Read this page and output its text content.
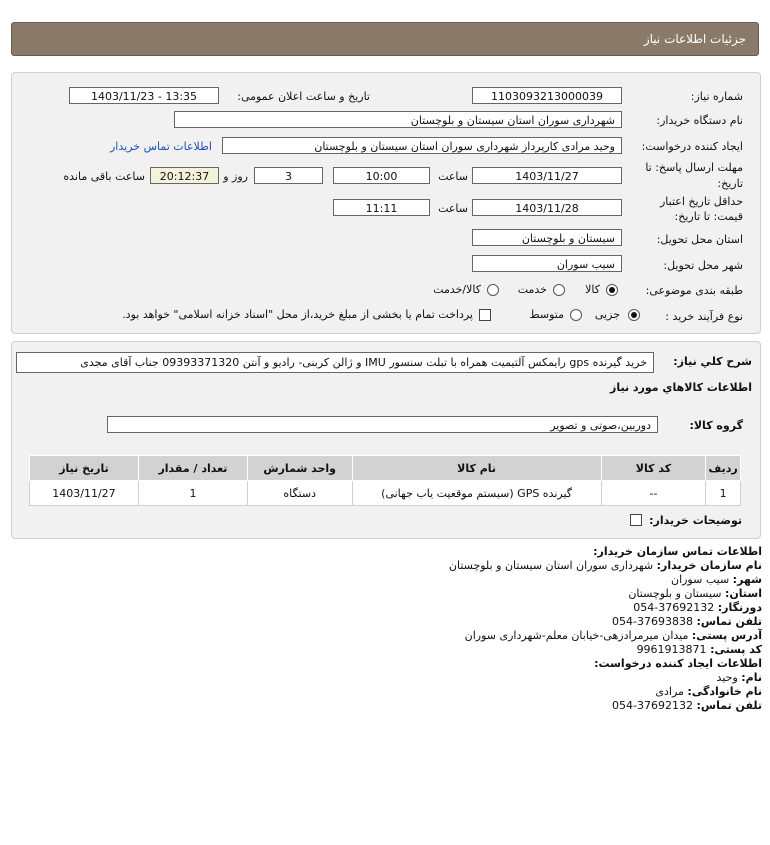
جزئیات اطلاعات نیاز
شماره نیاز:
1103093213000039
تاریخ و ساعت اعلان عمومی:
1403/11/23 - 13:35
نام دستگاه خریدار:
شهرداری سوران استان سیستان و بلوچستان
ایجاد کننده درخواست:
وحید مرادی کارپرداز شهرداری سوران استان سیستان و بلوچستان
اطلاعات تماس خریدار
مهلت ارسال پاسخ: تا
تاریخ:
1403/11/27
ساعت
10:00
3
روز و
20:12:37
ساعت باقی مانده
حداقل تاریخ اعتبار
قیمت: تا تاریخ:
1403/11/28
ساعت
11:11
استان محل تحویل:
سیستان و بلوچستان
شهر محل تحویل:
سیب سوران
طبقه بندی موضوعی:
کالا
خدمت
کالا/خدمت
نوع فرآیند خرید :
جزیی
متوسط
پرداخت تمام یا بخشی از مبلغ خرید،از محل "اسناد خزانه اسلامی" خواهد بود.
شرح کلي نياز:
خرید گیرنده gps رایمکس آلتیمیت همراه با تبلت سنسور IMU و ژالن کربنی- رادیو و آنتن 09393371320 جناب آقای مجدی
اطلاعات کالاهاي مورد نياز
گروه کالا:
دوربین،صوتی و تصویر
ردیف	کد کالا	نام کالا	واحد شمارش	تعداد / مقدار	تاریخ نیاز
1	--	گیرنده GPS (سیستم موقعیت یاب جهانی)	دستگاه	1	1403/11/27
توضیحات خریدار:
اطلاعات تماس سازمان خریدار:
نام سازمان خریدار: شهرداری سوران استان سیستان و بلوچستان
شهر: سیب سوران
استان: سیستان و بلوچستان
دورنگار: 37692132-054
تلفن تماس: 37693838-054
آدرس پستی: میدان میرمرادزهی-خیابان معلم-شهرداری سوران
کد پستی: 9961913871
اطلاعات ایجاد کننده درخواست:
نام: وحید
نام خانوادگی: مرادی
تلفن تماس: 37692132-054
